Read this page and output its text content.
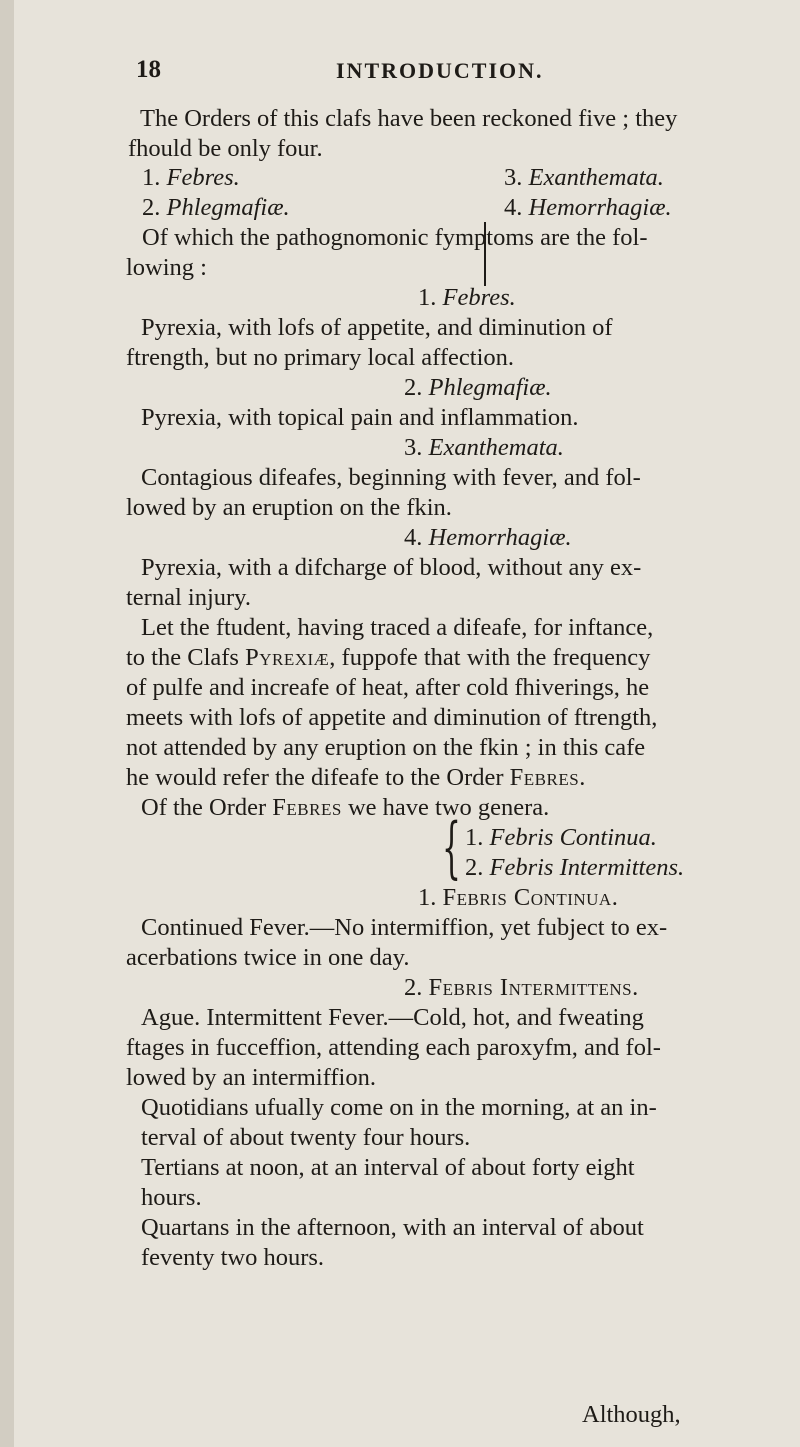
18	INTRODUCTION.
The Orders of this clafs have been reckoned five ; they
fhould be only four.
1. Febres.	3. Exanthemata.
2. Phlegmafiæ.	4. Hemorrhagiæ.
Of which the pathognomonic fymptoms are the fol-
lowing :
1. Febres.
Pyrexia, with lofs of appetite, and diminution of
ftrength, but no primary local affection.
2. Phlegmafiæ.
Pyrexia, with topical pain and inflammation.
3. Exanthemata.
Contagious difeafes, beginning with fever, and fol-
lowed by an eruption on the fkin.
4. Hemorrhagiæ.
Pyrexia, with a difcharge of blood, without any ex-
ternal injury.
Let the ftudent, having traced a difeafe, for inftance,
to the Clafs Pyrexiæ, fuppofe that with the frequency
of pulfe and increafe of heat, after cold fhiverings, he
meets with lofs of appetite and diminution of ftrength,
not attended by any eruption on the fkin ; in this cafe
he would refer the difeafe to the Order Febres.
Of the Order Febres we have two genera.
1. Febris Continua.
2. Febris Intermittens.
1. Febris Continua.
Continued Fever.—No intermiffion, yet fubject to ex-
acerbations twice in one day.
2. Febris Intermittens.
Ague. Intermittent Fever.—Cold, hot, and fweating
ftages in fucceffion, attending each paroxyfm, and fol-
lowed by an intermiffion.
Quotidians ufually come on in the morning, at an in-
terval of about twenty four hours.
Tertians at noon, at an interval of about forty eight
hours.
Quartans in the afternoon, with an interval of about
feventy two hours.
{
Although,
